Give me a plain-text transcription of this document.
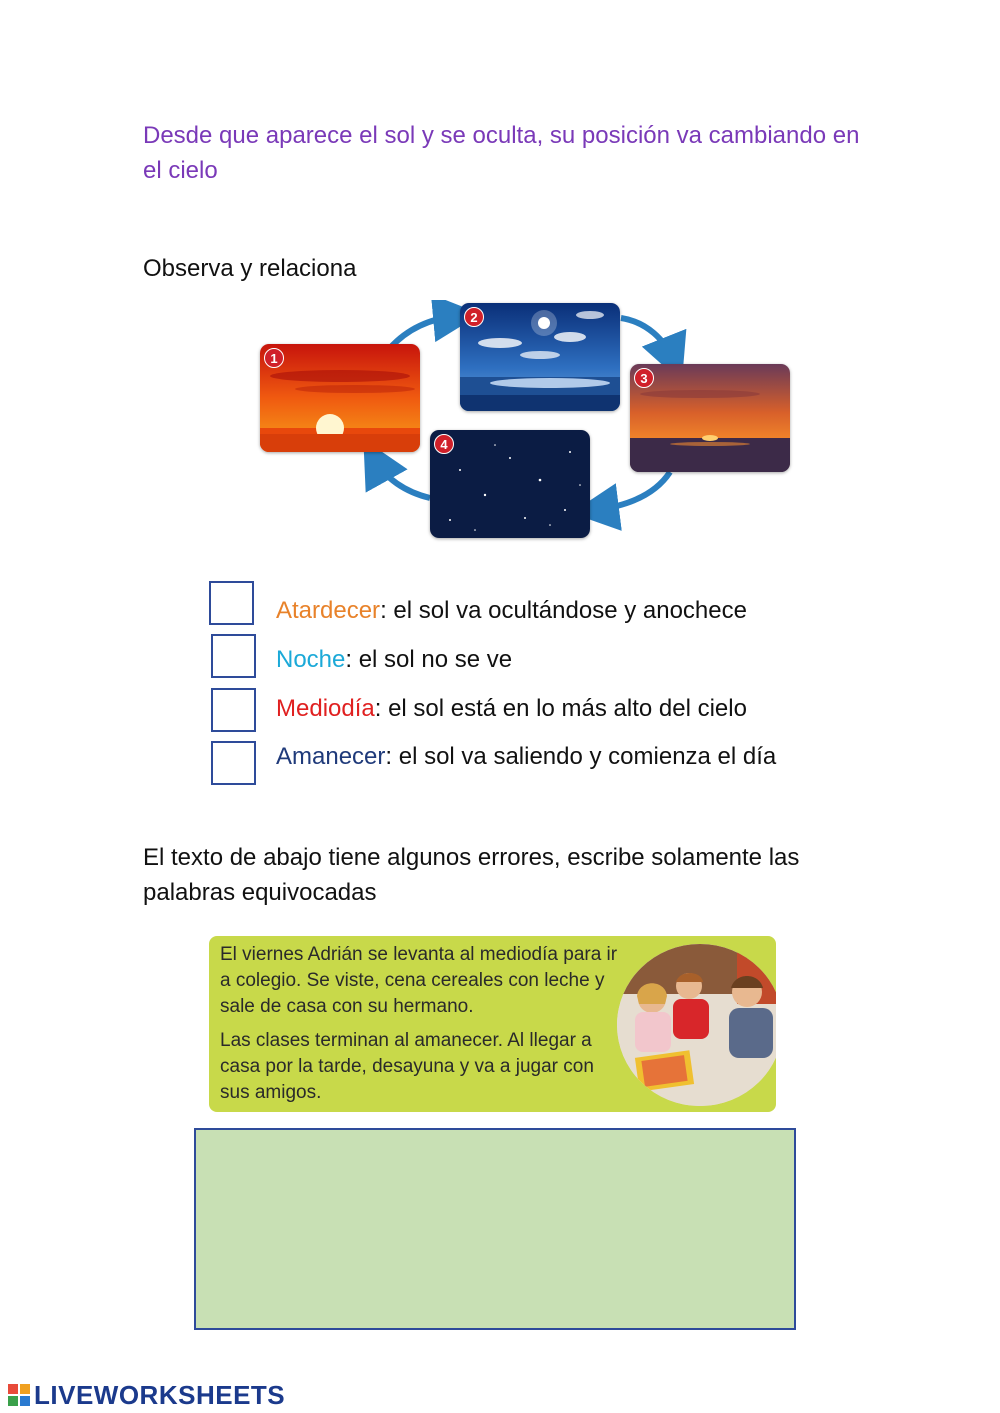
Desde que aparece el sol y se oculta, su posición va cambiando en el cielo
Observa y relaciona
1
2
3
4
Atardecer: el sol va ocultándose y anochece
Noche: el sol no se ve
Mediodía: el sol está en lo más alto del cielo
Amanecer: el sol va saliendo y comienza el día
El texto de abajo tiene algunos errores, escribe solamente las palabras equivocadas

El viernes Adrián se levanta al mediodía para ir a colegio. Se viste, cena cereales con leche y sale de casa con su hermano.

Las clases terminan al amanecer. Al llegar a casa por la tarde, desayuna y va a jugar con sus amigos.

LIVEWORKSHEETS
